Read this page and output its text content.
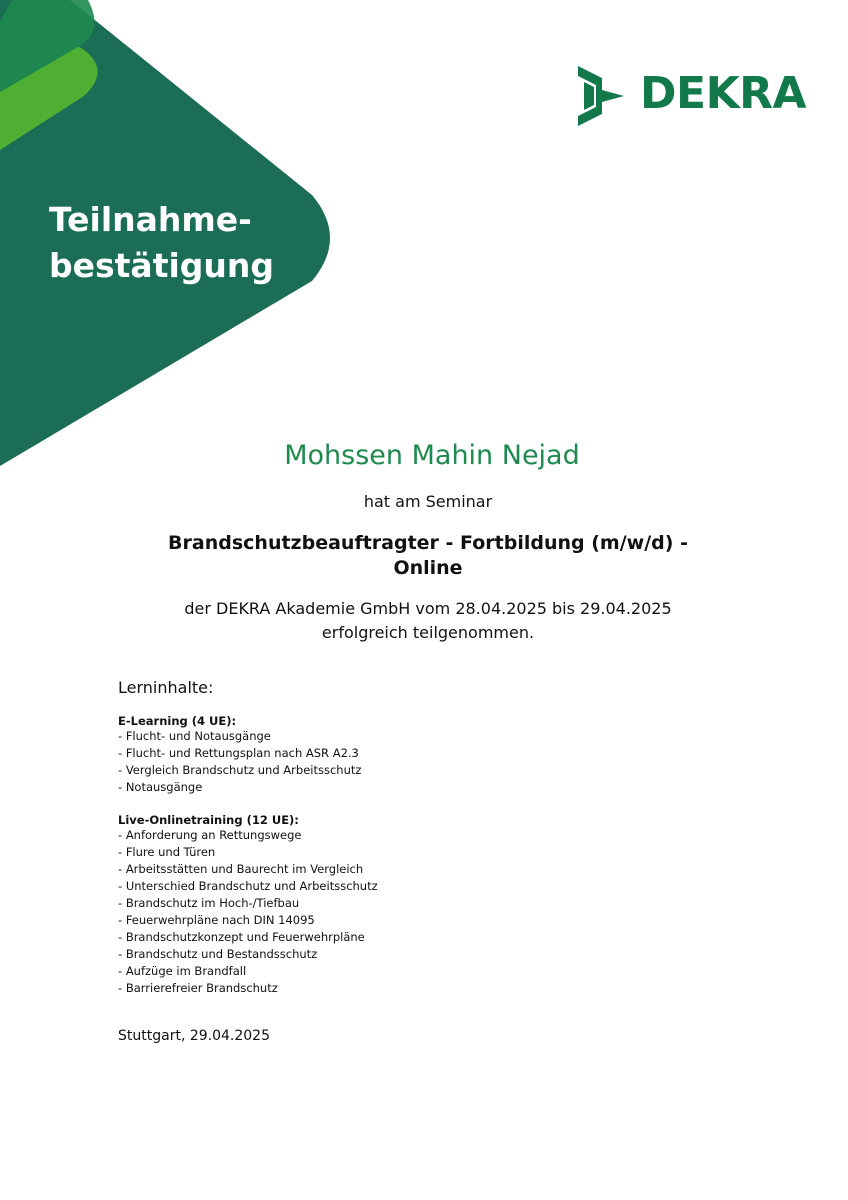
Teilnahme-
bestätigung
DEKRA
Mohssen Mahin Nejad
hat am Seminar
Brandschutzbeauftragter - Fortbildung (m/w/d) -
Online
der DEKRA Akademie GmbH vom 28.04.2025 bis 29.04.2025
erfolgreich teilgenommen.
Lerninhalte:
E-Learning (4 UE):
- Flucht- und Notausgänge
- Flucht- und Rettungsplan nach ASR A2.3
- Vergleich Brandschutz und Arbeitsschutz
- Notausgänge
Live-Onlinetraining (12 UE):
- Anforderung an Rettungswege
- Flure und Türen
- Arbeitsstätten und Baurecht im Vergleich
- Unterschied Brandschutz und Arbeitsschutz
- Brandschutz im Hoch-/Tiefbau
- Feuerwehrpläne nach DIN 14095
- Brandschutzkonzept und Feuerwehrpläne
- Brandschutz und Bestandsschutz
- Aufzüge im Brandfall
- Barrierefreier Brandschutz
Stuttgart, 29.04.2025
